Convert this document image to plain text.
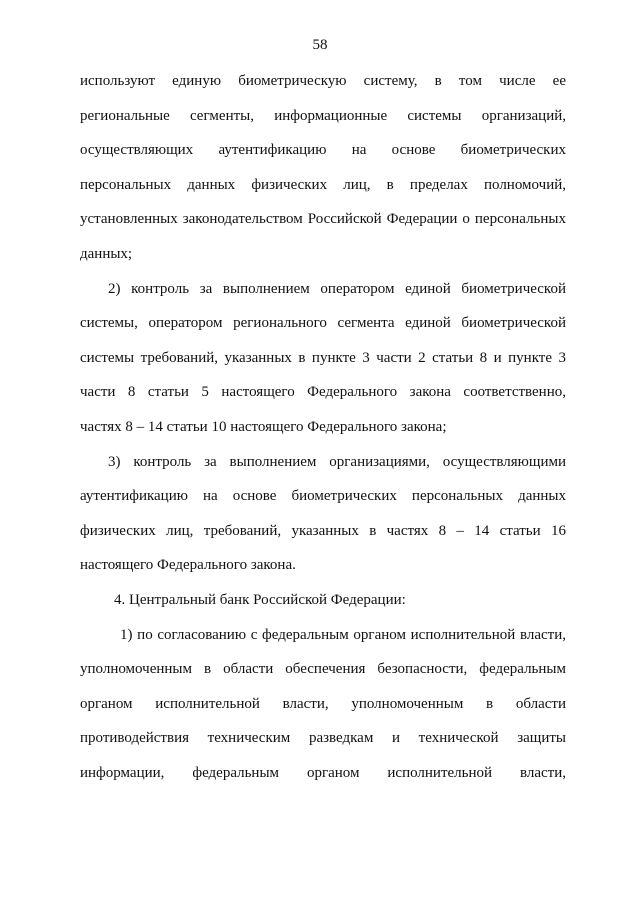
58
используют единую биометрическую систему, в том числе ее
региональные сегменты, информационные системы организаций,
осуществляющих аутентификацию на основе биометрических
персональных данных физических лиц, в пределах полномочий,
установленных законодательством Российской Федерации о персональных
данных;
2) контроль за выполнением оператором единой биометрической
системы, оператором регионального сегмента единой биометрической
системы требований, указанных в пункте 3 части 2 статьи 8 и пункте 3
части 8 статьи 5 настоящего Федерального закона соответственно,
частях 8 – 14 статьи 10 настоящего Федерального закона;
3) контроль за выполнением организациями, осуществляющими
аутентификацию на основе биометрических персональных данных
физических лиц, требований, указанных в частях 8 – 14 статьи 16
настоящего Федерального закона.
4. Центральный банк Российской Федерации:
1) по согласованию с федеральным органом исполнительной власти,
уполномоченным в области обеспечения безопасности, федеральным
органом исполнительной власти, уполномоченным в области
противодействия техническим разведкам и технической защиты
информации, федеральным органом исполнительной власти,
